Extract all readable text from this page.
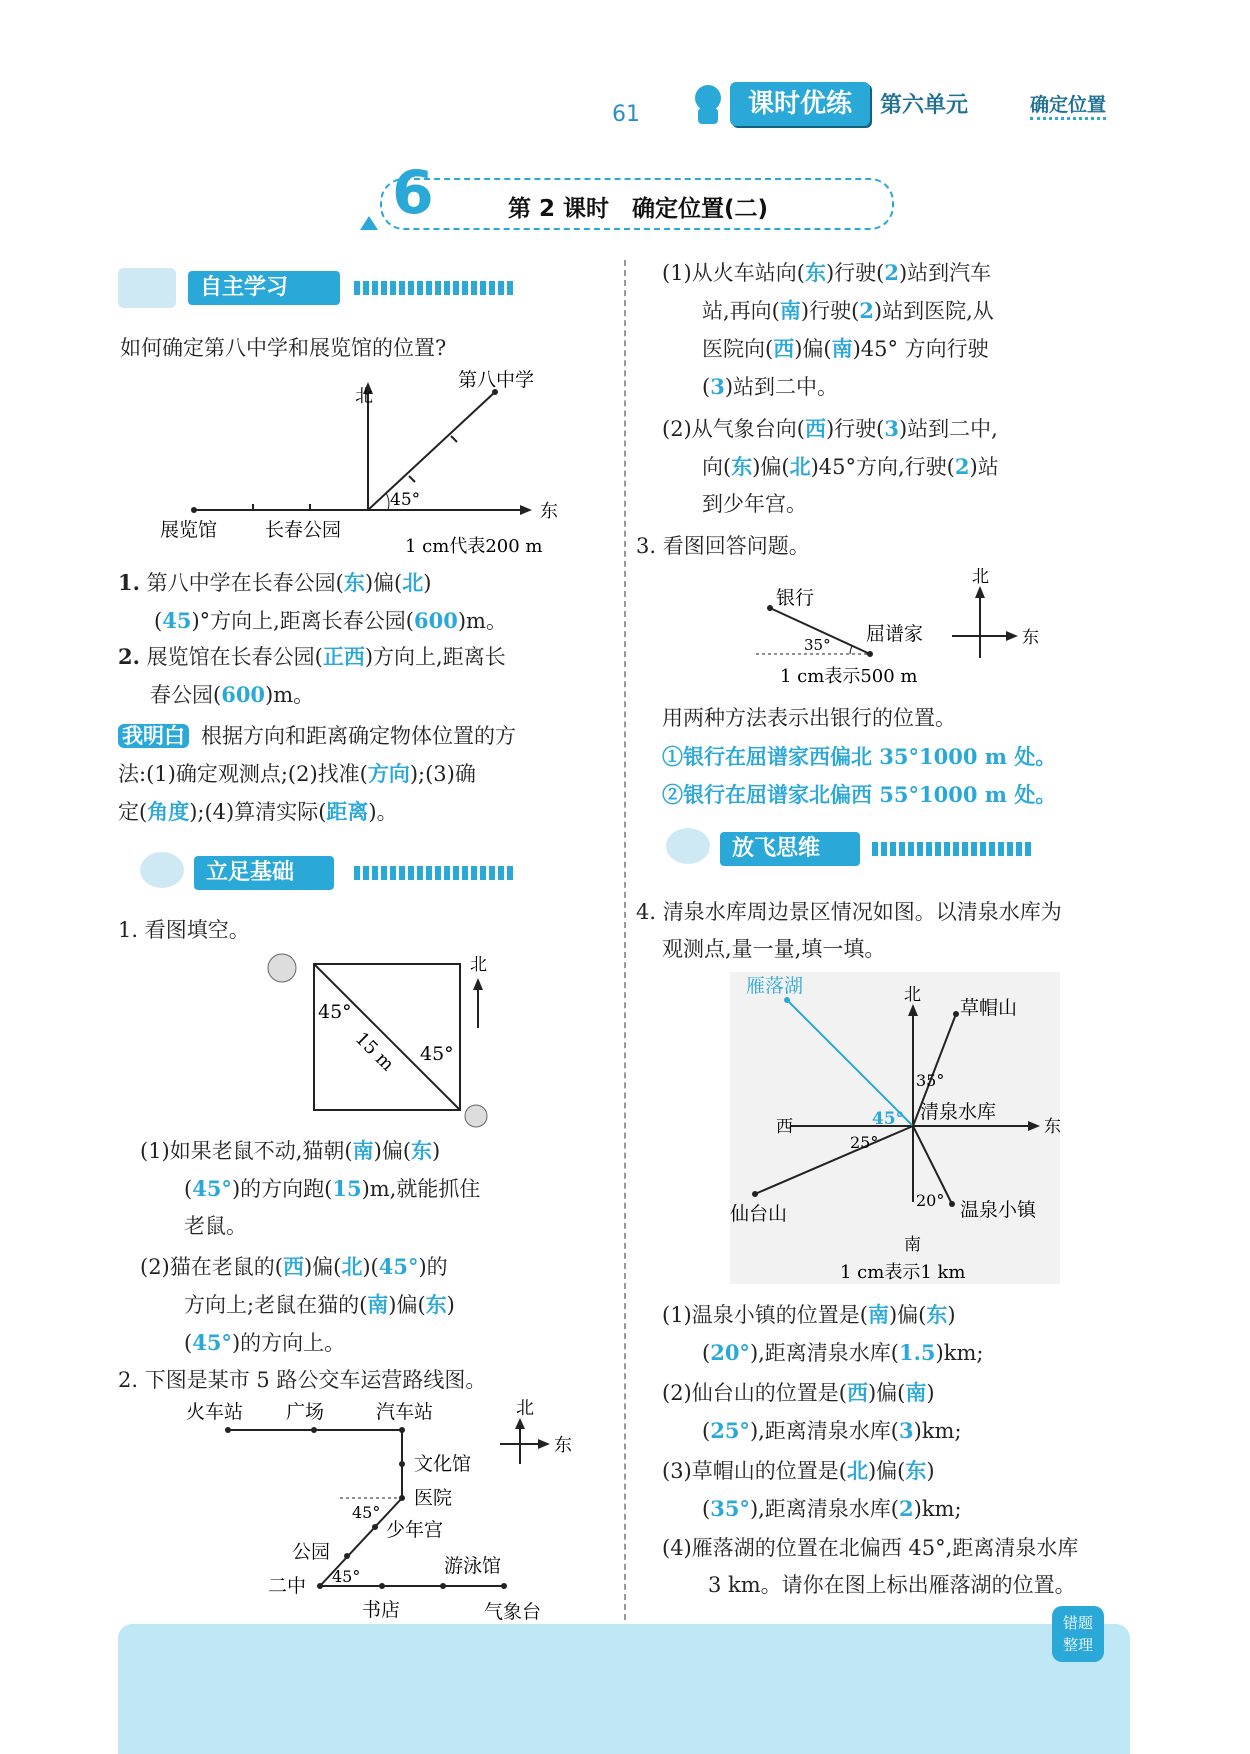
61	课时优练	第六单元	确定位置
6	第 2 课时　确定位置(二)
自主学习
如何确定第八中学和展览馆的位置?
北
东
第八中学
45°
展览馆	长春公园
1 cm代表200 m
1. 第八中学在长春公园(东)偏(北)
(45)°方向上,距离长春公园(600)m。
2. 展览馆在长春公园(正西)方向上,距离长
春公园(600)m。
我明白 根据方向和距离确定物体位置的方
法:(1)确定观测点;(2)找准(方向);(3)确
定(角度);(4)算清实际(距离)。
立足基础
1. 看图填空。
北
45°
45°
15 m
(1)如果老鼠不动,猫朝(南)偏(东)
(45°)的方向跑(15)m,就能抓住
老鼠。
(2)猫在老鼠的(西)偏(北)(45°)的
方向上;老鼠在猫的(南)偏(东)
(45°)的方向上。
2. 下图是某市 5 路公交车运营路线图。
北
东
火车站 广场	汽车站
文化馆
医院
45°
少年宫
公园
45°	游泳馆
二中
书店	气象台
(1)从火车站向(东)行驶(2)站到汽车
站,再向(南)行驶(2)站到医院,从
医院向(西)偏(南)45° 方向行驶
(3)站到二中。
(2)从气象台向(西)行驶(3)站到二中,
向(东)偏(北)45°方向,行驶(2)站
到少年宫。
3. 看图回答问题。
北
东
银行
屈谱家
35°
1 cm表示500 m
用两种方法表示出银行的位置。
①银行在屈谱家西偏北 35°1000 m 处。
②银行在屈谱家北偏西 55°1000 m 处。
放飞思维
4. 清泉水库周边景区情况如图。以清泉水库为
观测点,量一量,填一填。
雁落湖	北
草帽山
35°
45° 清泉水库
西	东
25°
20°
仙台山	温泉小镇
南
1 cm表示1 km
(1)温泉小镇的位置是(南)偏(东)
(20°),距离清泉水库(1.5)km;
(2)仙台山的位置是(西)偏(南)
(25°),距离清泉水库(3)km;
(3)草帽山的位置是(北)偏(东)
(35°),距离清泉水库(2)km;
(4)雁落湖的位置在北偏西 45°,距离清泉水库
3 km。请你在图上标出雁落湖的位置。
错题
整理
